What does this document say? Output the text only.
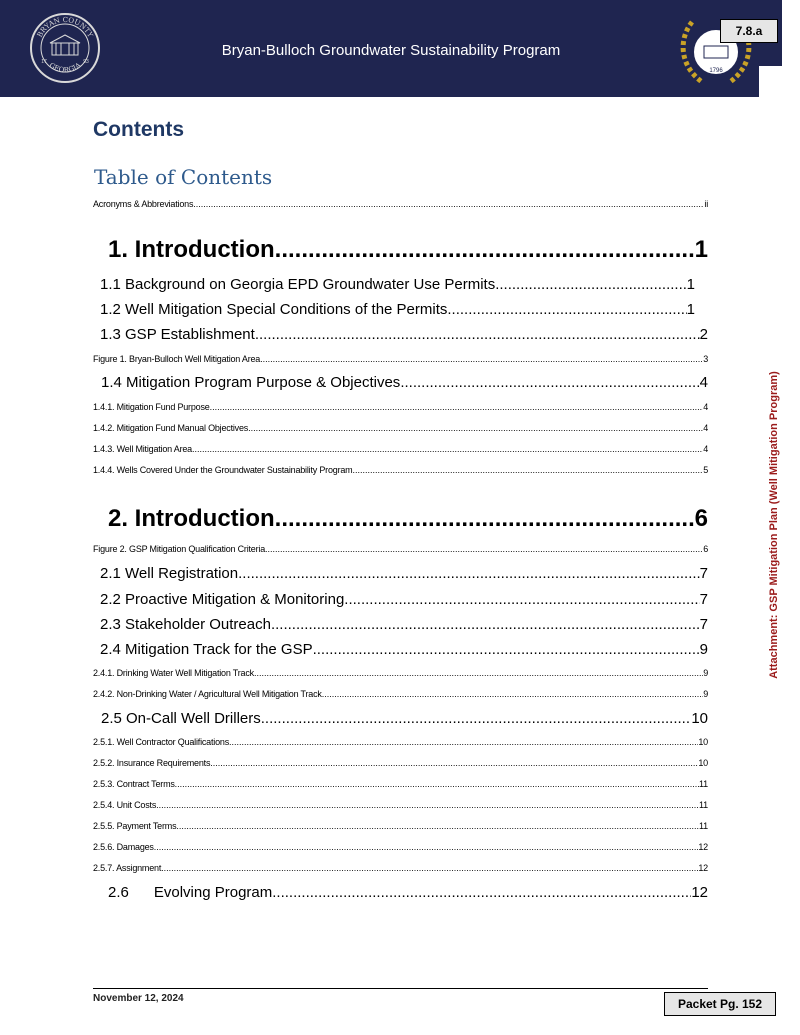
BRYAN COUNTY
GEORGIA
17	93
Bryan-Bulloch Groundwater Sustainability Program
1796
7.8.a
Contents
Table of Contents
Acronyms & Abbreviations .....	ii
1. Introduction .....	1
1.1 Background on Georgia EPD Groundwater Use Permits .....	1
1.2 Well Mitigation Special Conditions of the Permits .....	1
1.3 GSP Establishment .....	2
Figure 1. Bryan-Bulloch Well Mitigation Area .....	3
1.4 Mitigation Program Purpose & Objectives .....	4
1.4.1. Mitigation Fund Purpose .....	4
1.4.2. Mitigation Fund Manual Objectives .....	4
1.4.3. Well Mitigation Area .....	4
1.4.4. Wells Covered Under the Groundwater Sustainability Program .....	5
2. Introduction .....	6
Figure 2. GSP Mitigation Qualification Criteria .....	6
2.1 Well Registration .....	7
2.2 Proactive Mitigation & Monitoring .....	7
2.3 Stakeholder Outreach .....	7
2.4 Mitigation Track for the GSP .....	9
2.4.1. Drinking Water Well Mitigation Track .....	9
2.4.2. Non-Drinking Water / Agricultural Well Mitigation Track .....	9
2.5 On-Call Well Drillers .....	10
2.5.1. Well Contractor Qualifications .....	10
2.5.2. Insurance Requirements .....	10
2.5.3. Contract Terms .....	11
2.5.4. Unit Costs .....	11
2.5.5. Payment Terms .....	11
2.5.6. Damages .....	12
2.5.7. Assignment .....	12
2.6      Evolving Program .....	12
Attachment: GSP Mitigation Plan (Well Mitigation Program)
November 12, 2024	Packet Pg. 152
